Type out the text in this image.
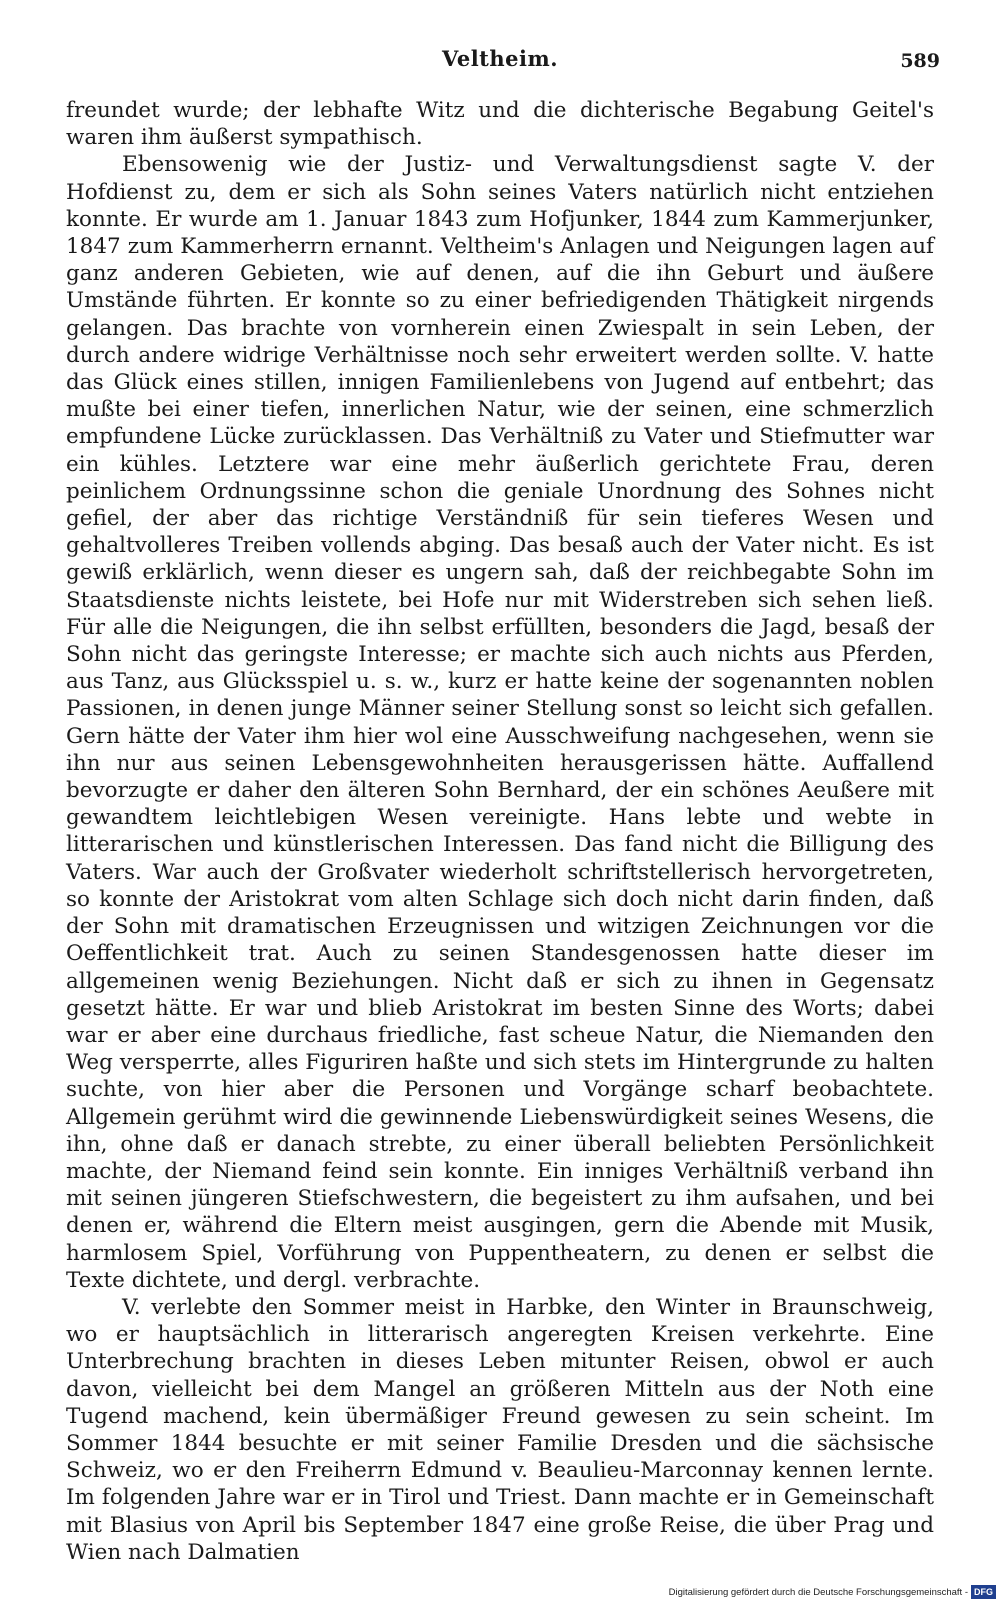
Veltheim.	589

freundet wurde; der lebhafte Witz und die dichterische Begabung Geitel's waren ihm äußerst sympathisch.

Ebensowenig wie der Justiz- und Verwaltungsdienst sagte V. der Hofdienst zu, dem er sich als Sohn seines Vaters natürlich nicht entziehen konnte. Er wurde am 1. Januar 1843 zum Hofjunker, 1844 zum Kammerjunker, 1847 zum Kammerherrn ernannt. Veltheim's Anlagen und Neigungen lagen auf ganz anderen Gebieten, wie auf denen, auf die ihn Geburt und äußere Umstände führten. Er konnte so zu einer befriedigenden Thätigkeit nirgends gelangen. Das brachte von vornherein einen Zwiespalt in sein Leben, der durch andere widrige Verhältnisse noch sehr erweitert werden sollte. V. hatte das Glück eines stillen, innigen Familienlebens von Jugend auf entbehrt; das mußte bei einer tiefen, innerlichen Natur, wie der seinen, eine schmerzlich empfundene Lücke zurücklassen. Das Verhältniß zu Vater und Stiefmutter war ein kühles. Letztere war eine mehr äußerlich gerichtete Frau, deren peinlichem Ordnungssinne schon die geniale Unordnung des Sohnes nicht gefiel, der aber das richtige Verständniß für sein tieferes Wesen und gehaltvolleres Treiben vollends abging. Das besaß auch der Vater nicht. Es ist gewiß erklärlich, wenn dieser es ungern sah, daß der reichbegabte Sohn im Staatsdienste nichts leistete, bei Hofe nur mit Widerstreben sich sehen ließ. Für alle die Neigungen, die ihn selbst erfüllten, besonders die Jagd, besaß der Sohn nicht das geringste Interesse; er machte sich auch nichts aus Pferden, aus Tanz, aus Glücksspiel u. s. w., kurz er hatte keine der sogenannten noblen Passionen, in denen junge Männer seiner Stellung sonst so leicht sich gefallen. Gern hätte der Vater ihm hier wol eine Ausschweifung nachgesehen, wenn sie ihn nur aus seinen Lebensgewohnheiten herausgerissen hätte. Auffallend bevorzugte er daher den älteren Sohn Bernhard, der ein schönes Aeußere mit gewandtem leichtlebigen Wesen vereinigte. Hans lebte und webte in litterarischen und künstlerischen Interessen. Das fand nicht die Billigung des Vaters. War auch der Großvater wiederholt schriftstellerisch hervorgetreten, so konnte der Aristokrat vom alten Schlage sich doch nicht darin finden, daß der Sohn mit dramatischen Erzeugnissen und witzigen Zeichnungen vor die Oeffentlichkeit trat. Auch zu seinen Standesgenossen hatte dieser im allgemeinen wenig Beziehungen. Nicht daß er sich zu ihnen in Gegensatz gesetzt hätte. Er war und blieb Aristokrat im besten Sinne des Worts; dabei war er aber eine durchaus friedliche, fast scheue Natur, die Niemanden den Weg versperrte, alles Figuriren haßte und sich stets im Hintergrunde zu halten suchte, von hier aber die Personen und Vorgänge scharf beobachtete. Allgemein gerühmt wird die gewinnende Liebenswürdigkeit seines Wesens, die ihn, ohne daß er danach strebte, zu einer überall beliebten Persönlichkeit machte, der Niemand feind sein konnte. Ein inniges Verhältniß verband ihn mit seinen jüngeren Stiefschwestern, die begeistert zu ihm aufsahen, und bei denen er, während die Eltern meist ausgingen, gern die Abende mit Musik, harmlosem Spiel, Vorführung von Puppentheatern, zu denen er selbst die Texte dichtete, und dergl. verbrachte.

V. verlebte den Sommer meist in Harbke, den Winter in Braunschweig, wo er hauptsächlich in litterarisch angeregten Kreisen verkehrte. Eine Unterbrechung brachten in dieses Leben mitunter Reisen, obwol er auch davon, vielleicht bei dem Mangel an größeren Mitteln aus der Noth eine Tugend machend, kein übermäßiger Freund gewesen zu sein scheint. Im Sommer 1844 besuchte er mit seiner Familie Dresden und die sächsische Schweiz, wo er den Freiherrn Edmund v. Beaulieu-Marconnay kennen lernte. Im folgenden Jahre war er in Tirol und Triest. Dann machte er in Gemeinschaft mit Blasius von April bis September 1847 eine große Reise, die über Prag und Wien nach Dalmatien

Digitalisierung gefördert durch die Deutsche Forschungsgemeinschaft - DFG
